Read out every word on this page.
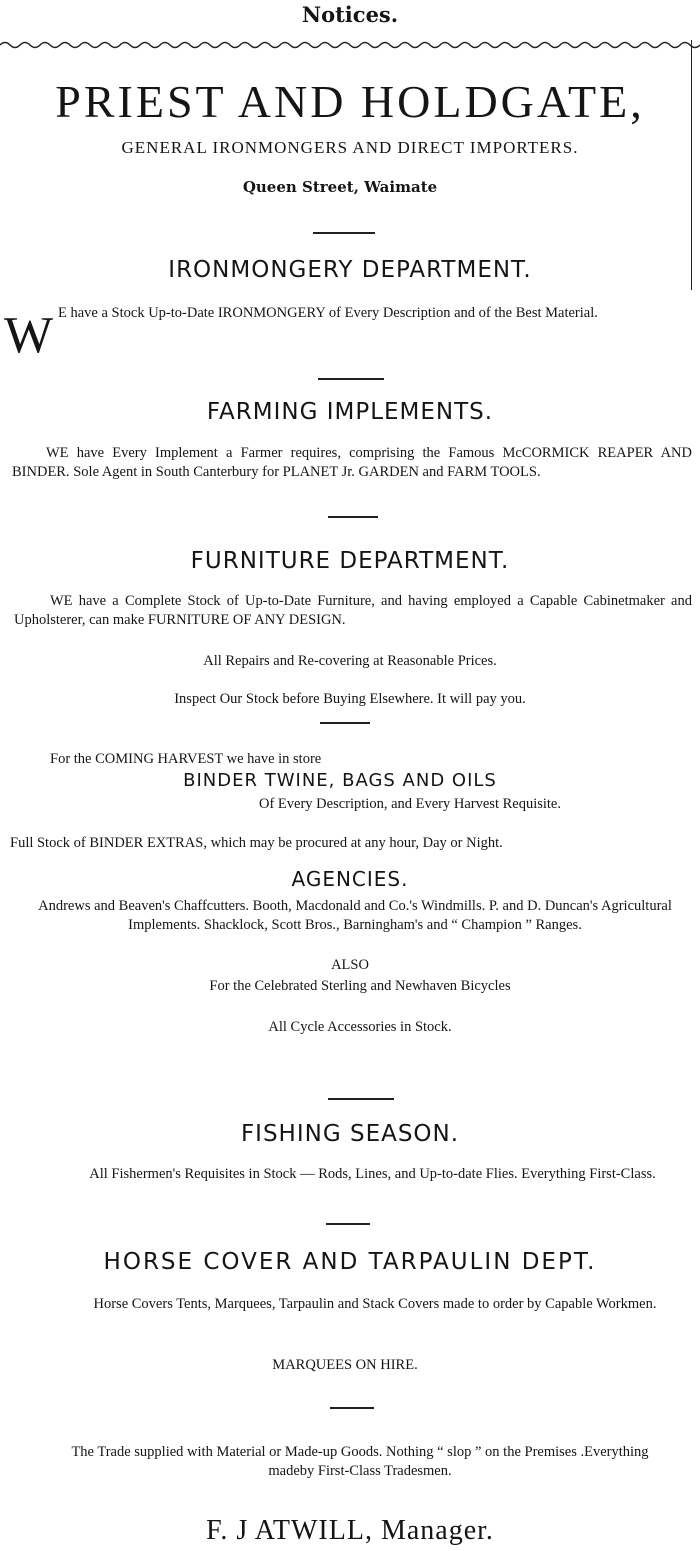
Notices.
PRIEST AND HOLDGATE,
GENERAL IRONMONGERS AND DIRECT IMPORTERS.
Queen Street, Waimate
IRONMONGERY DEPARTMENT.
W E have a Stock Up-to-Date IRONMONGERY of Every Description and of the Best Material.
FARMING IMPLEMENTS.
WE have Every Implement a Farmer requires, comprising the Famous McCORMICK REAPER AND BINDER. Sole Agent in South Canterbury for PLANET Jr. GARDEN and FARM TOOLS.
FURNITURE DEPARTMENT.
WE have a Complete Stock of Up-to-Date Furniture, and having employed a Capable Cabinetmaker and Upholsterer, can make FURNITURE OF ANY DESIGN.
All Repairs and Re-covering at Reasonable Prices.
Inspect Our Stock before Buying Elsewhere. It will pay you.
For the COMING HARVEST we have in store
BINDER TWINE, BAGS AND OILS
Of Every Description, and Every Harvest Requisite.
Full Stock of BINDER EXTRAS, which may be procured at any hour, Day or Night.
AGENCIES.
Andrews and Beaven's Chaffcutters. Booth, Macdonald and Co.'s Windmills. P. and D. Duncan's Agricultural Implements. Shacklock, Scott Bros., Barningham's and “ Champion ” Ranges.
ALSO
For the Celebrated Sterling and Newhaven Bicycles
All Cycle Accessories in Stock.
FISHING SEASON.
All Fishermen's Requisites in Stock — Rods, Lines, and Up-to-date Flies. Everything First-Class.
HORSE COVER AND TARPAULIN DEPT.
Horse Covers Tents, Marquees, Tarpaulin and Stack Covers made to order by Capable Workmen.
MARQUEES ON HIRE.
The Trade supplied with Material or Made-up Goods. Nothing “ slop ” on the Premises .Everything madeby First-Class Tradesmen.
F. J ATWILL, Manager.
